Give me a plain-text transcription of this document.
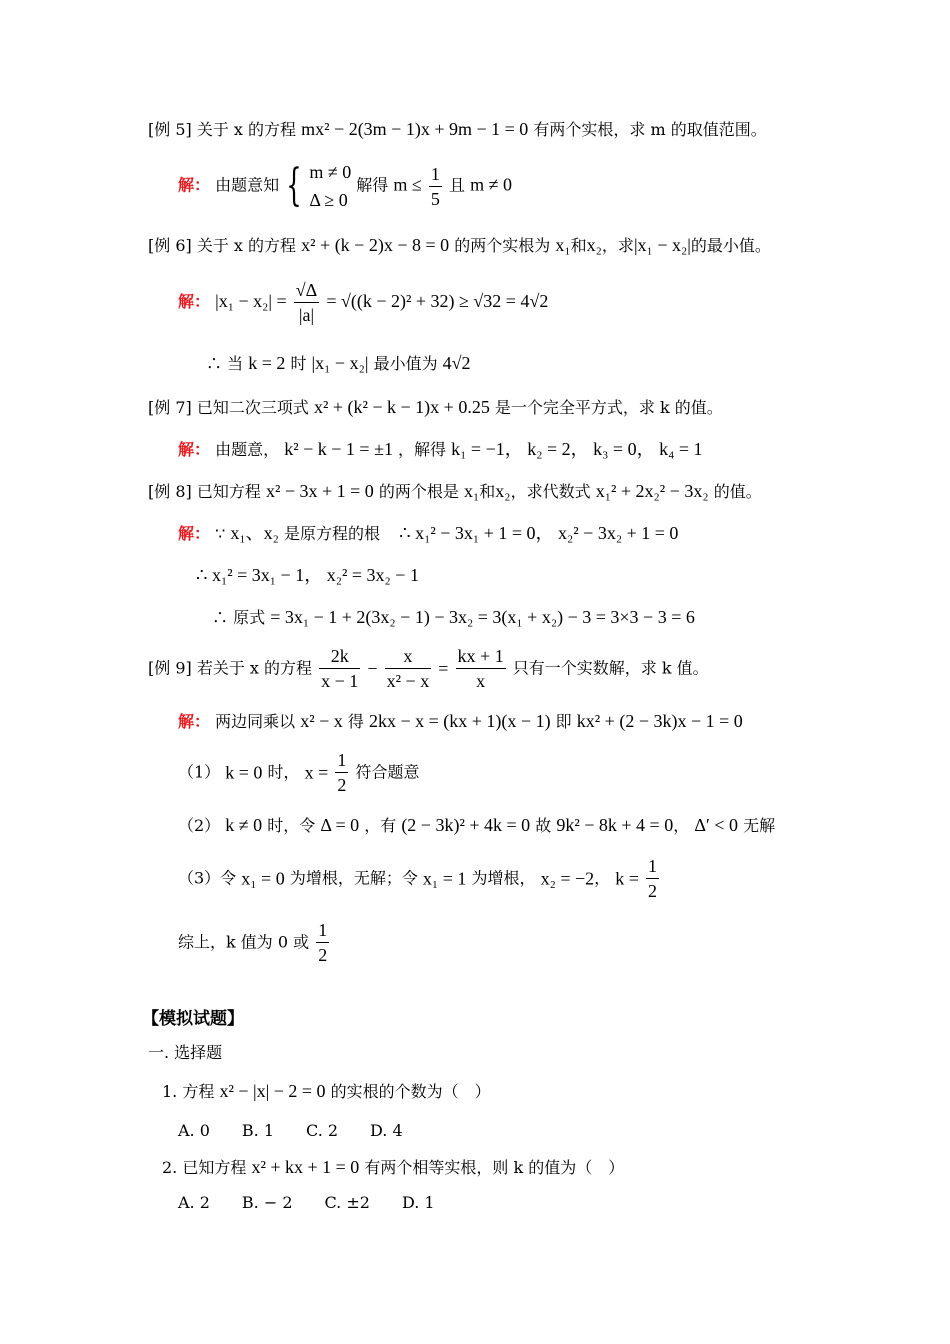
[例 5] 关于 x 的方程 mx² − 2(3m − 1)x + 9m − 1 = 0 有两个实根，求 m 的取值范围。
解： 由题意知 { m ≠ 0
Δ ≥ 0
解得 $m \le \frac{1}{5}$ 且 m ≠ 0
[例 6] 关于 x 的方程 x² + (k − 2)x − 8 = 0 的两个实根为 x₁和x₂，求|x₁ − x₂|的最小值。
解： $|x_1 - x_2| = \frac{√\Delta}{|a|} = √((k - 2)^2 + 32) \ge √32 = 4√2$
∴ 当 k = 2 时 |x₁ − x₂| 最小值为 4√2
[例 7] 已知二次三项式 x² + (k² − k − 1)x + 0.25 是一个完全平方式，求 k 的值。
解： 由题意， k² − k − 1 = ±1 ，解得 k₁ = −1， k₂ = 2， k₃ = 0， k₄ = 1
[例 8] 已知方程 x² − 3x + 1 = 0 的两个根是 x₁和x₂，求代数式 x₁² + 2x₂² − 3x₂ 的值。
解： ∵ x₁、x₂ 是原方程的根 ∴ x₁² − 3x₁ + 1 = 0， x₂² − 3x₂ + 1 = 0
∴ x₁² = 3x₁ − 1， x₂² = 3x₂ − 1
∴ 原式 = 3x₁ − 1 + 2(3x₂ − 1) − 3x₂ = 3(x₁ + x₂) − 3 = 3×3 − 3 = 6
[例 9] 若关于 x 的方程 $\frac{2k}{x - 1} - \frac{x}{\text{x² − x}} = \frac{kx + 1}{x}$ 只有一个实数解，求 k 值。
解： 两边同乘以 x² − x 得 2kx − x = (kx + 1)(x − 1) 即 kx² + (2 − 3k)x − 1 = 0
（1） k = 0 时， $x = \frac{1}{2}$ 符合题意
（2） k ≠ 0 时，令 Δ = 0 ，有 (2 − 3k)² + 4k = 0 故 9k² − 8k + 4 = 0， Δ′ < 0 无解
（3）令 x₁ = 0 为增根，无解；令 x₁ = 1 为增根， x₂ = −2， $k = \frac{1}{2}$
综上，k 值为 0 或 $\frac{1}{2}$
【模拟试题】
一. 选择题
1. 方程 x² − |x| − 2 = 0 的实根的个数为（　）
A. 0　　B. 1　　C. 2　　D. 4
2. 已知方程 x² + kx + 1 = 0 有两个相等实根，则 k 的值为（　）
A. 2　　B. − 2　　C. ±2　　D. 1
